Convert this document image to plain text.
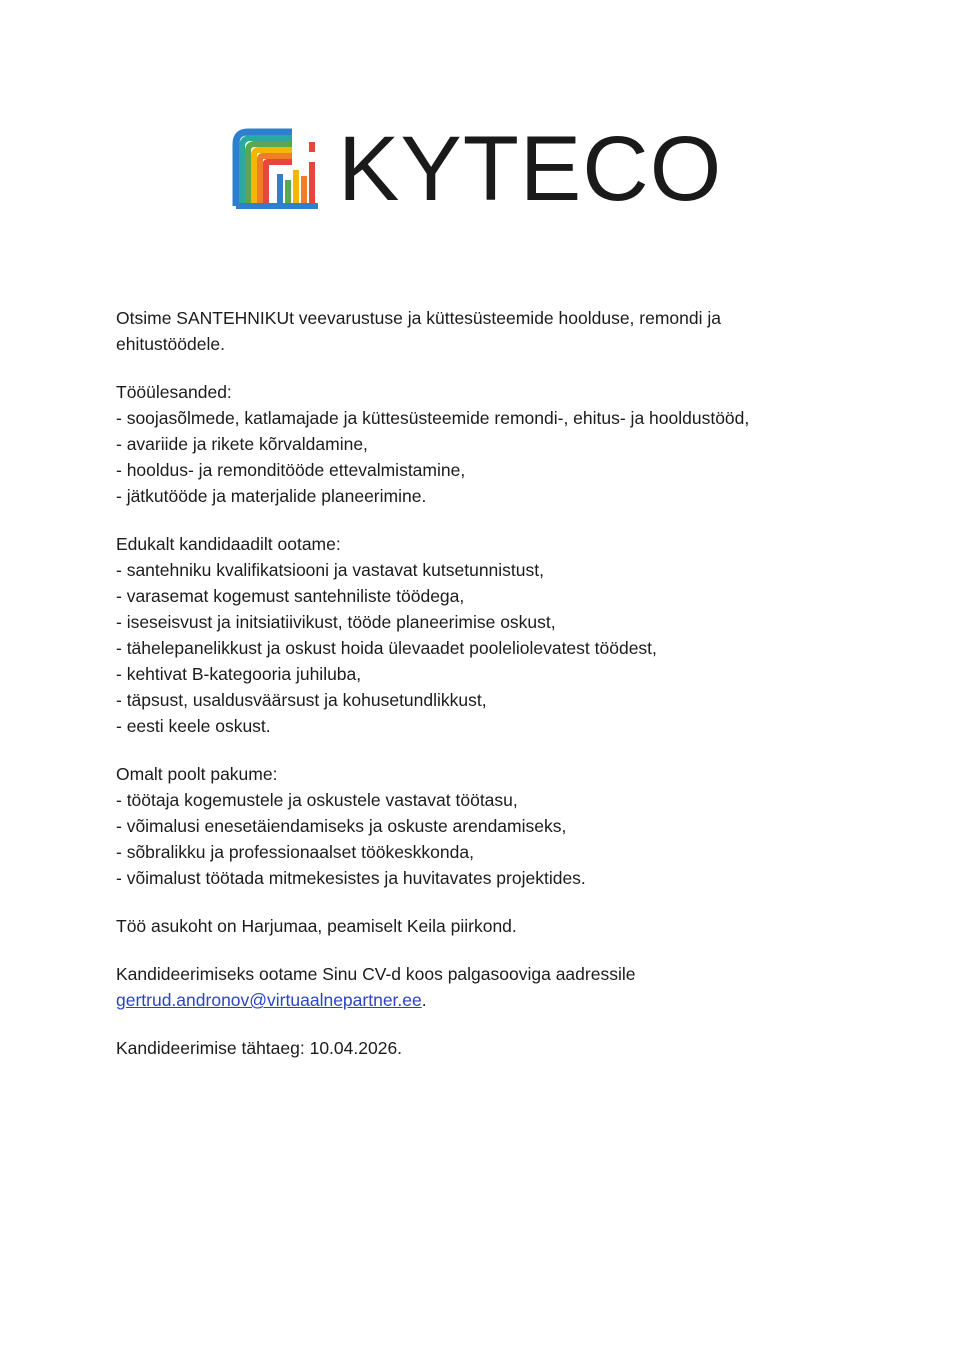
KYTECO

Otsime SANTEHNIKUt veevarustuse ja küttesüsteemide hoolduse, remondi ja
ehitustöödele.

Tööülesanded:
- soojasõlmede, katlamajade ja küttesüsteemide remondi-, ehitus- ja hooldustööd,
- avariide ja rikete kõrvaldamine,
- hooldus- ja remonditööde ettevalmistamine,
- jätkutööde ja materjalide planeerimine.

Edukalt kandidaadilt ootame:
- santehniku kvalifikatsiooni ja vastavat kutsetunnistust,
- varasemat kogemust santehniliste töödega,
- iseseisvust ja initsiatiivikust, tööde planeerimise oskust,
- tähelepanelikkust ja oskust hoida ülevaadet pooleliolevatest töödest,
- kehtivat B-kategooria juhiluba,
- täpsust, usaldusväärsust ja kohusetundlikkust,
- eesti keele oskust.

Omalt poolt pakume:
- töötaja kogemustele ja oskustele vastavat töötasu,
- võimalusi enesetäiendamiseks ja oskuste arendamiseks,
- sõbralikku ja professionaalset töökeskkonda,
- võimalust töötada mitmekesistes ja huvitavates projektides.

Töö asukoht on Harjumaa, peamiselt Keila piirkond.

Kandideerimiseks ootame Sinu CV-d koos palgasooviga aadressile
gertrud.andronov@virtuaalnepartner.ee.

Kandideerimise tähtaeg: 10.04.2026.
